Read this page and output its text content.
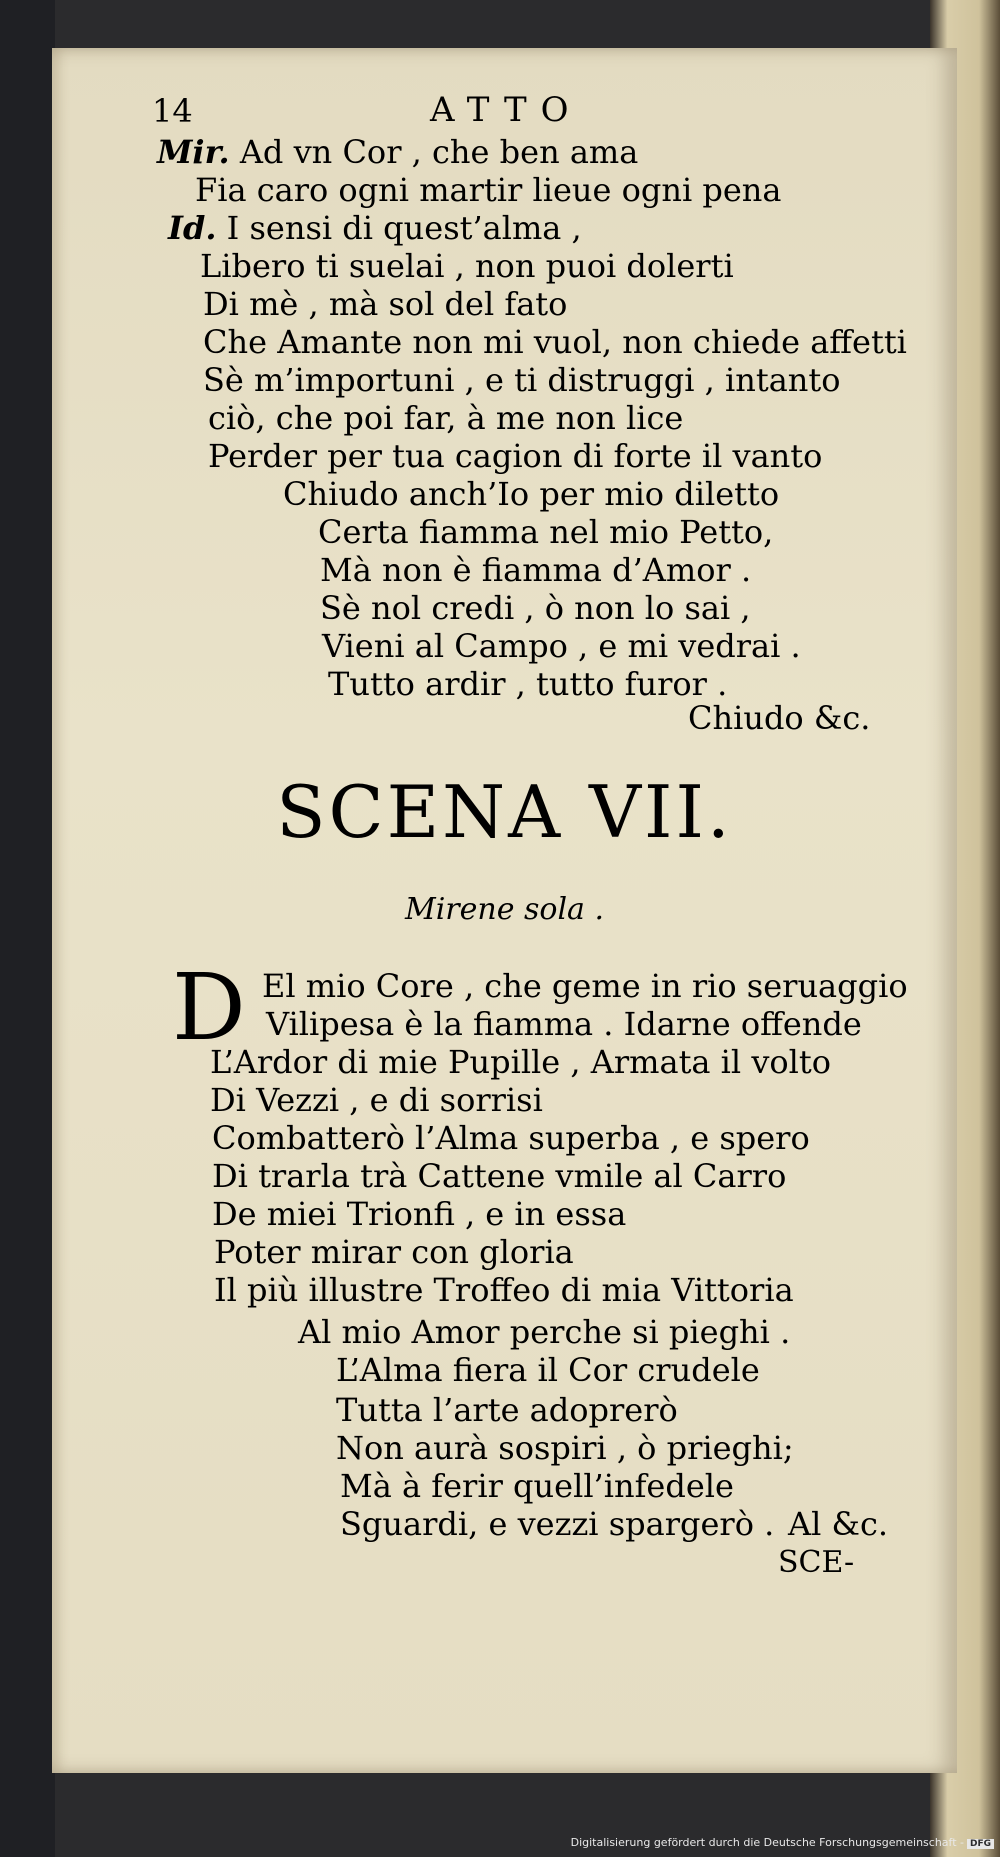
14	ATTO
Mir. Ad vn Cor , che ben ama
Fia caro ogni martir lieue ogni pena
Id. I sensi di quest’alma ,
Libero ti suelai , non puoi dolerti
Di mè , mà sol del fato
Che Amante non mi vuol, non chiede affetti
Sè m’importuni , e ti distruggi , intanto
ciò, che poi far, à me non lice
Perder per tua cagion di forte il vanto
Chiudo anch’Io per mio diletto
Certa fiamma nel mio Petto,
Mà non è fiamma d’Amor .
Sè nol credi , ò non lo sai ,
Vieni al Campo , e mi vedrai .
Tutto ardir , tutto furor .
Chiudo &c.
SCENA VII.
Mirene sola .
D El mio Core , che geme in rio seruaggio
Vilipesa è la fiamma . Idarne offende
L’Ardor di mie Pupille , Armata il volto
Di Vezzi , e di sorrisi
Combatterò l’Alma superba , e spero
Di trarla trà Cattene vmile al Carro
De miei Trionfi , e in essa
Poter mirar con gloria
Il più illustre Troffeo di mia Vittoria
Al mio Amor perche si pieghi .
L’Alma fiera il Cor crudele
Tutta l’arte adoprerò
Non aurà sospiri , ò prieghi;
Mà à ferir quell’infedele
Sguardi, e vezzi spargerò . Al &c.
SCE-
Digitalisierung gefördert durch die Deutsche Forschungsgemeinschaft - DFG
